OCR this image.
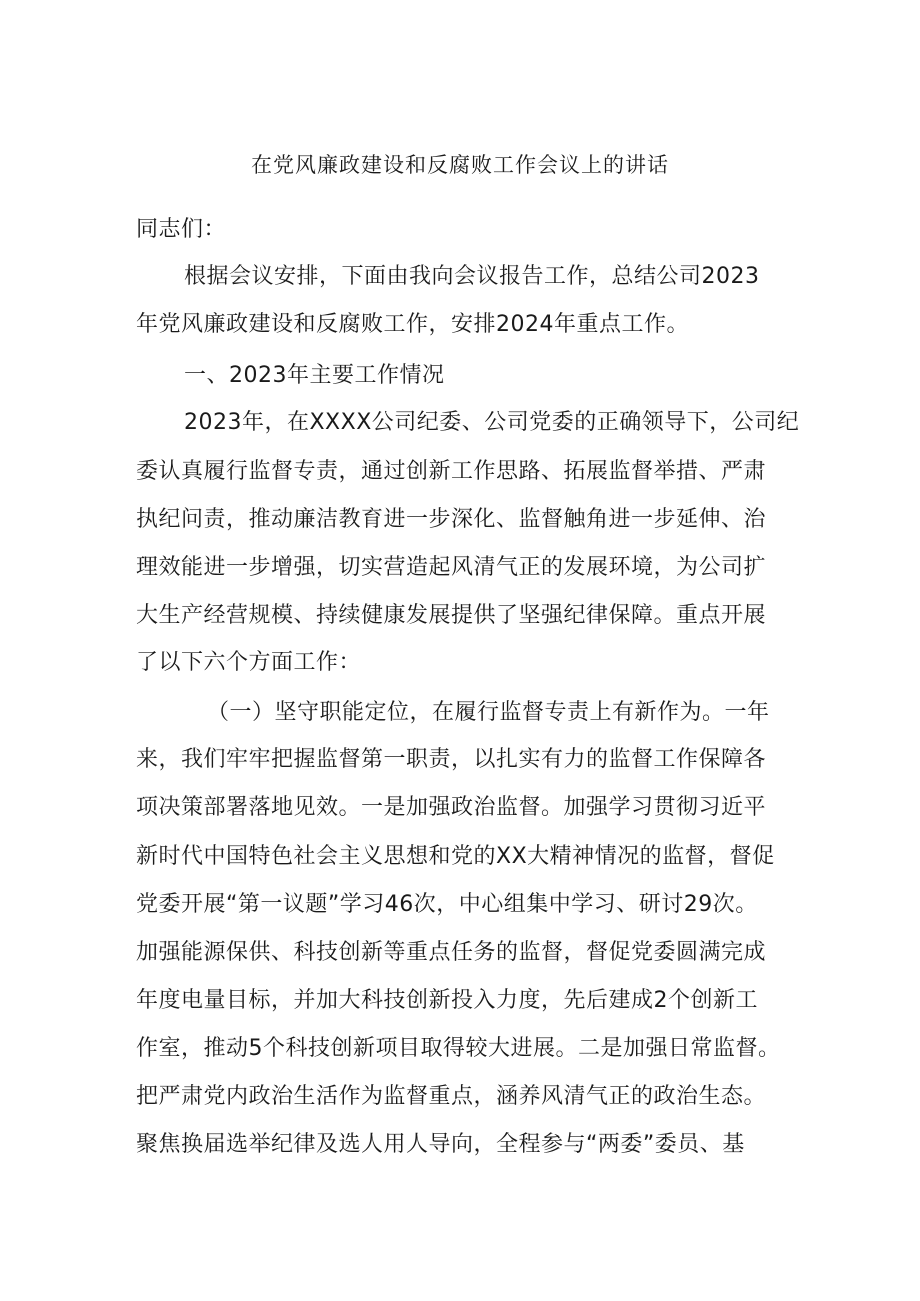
在党风廉政建设和反腐败工作会议上的讲话
同志们：
根据会议安排，下面由我向会议报告工作，总结公司2023
年党风廉政建设和反腐败工作，安排2024年重点工作。
一、2023年主要工作情况
2023年，在XXXX公司纪委、公司党委的正确领导下，公司纪
委认真履行监督专责，通过创新工作思路、拓展监督举措、严肃
执纪问责，推动廉洁教育进一步深化、监督触角进一步延伸、治
理效能进一步增强，切实营造起风清气正的发展环境，为公司扩
大生产经营规模、持续健康发展提供了坚强纪律保障。重点开展
了以下六个方面工作：
（一）坚守职能定位，在履行监督专责上有新作为。一年
来，我们牢牢把握监督第一职责，以扎实有力的监督工作保障各
项决策部署落地见效。一是加强政治监督。加强学习贯彻习近平
新时代中国特色社会主义思想和党的XX大精神情况的监督，督促
党委开展“第一议题”学习46次，中心组集中学习、研讨29次。
加强能源保供、科技创新等重点任务的监督，督促党委圆满完成
年度电量目标，并加大科技创新投入力度，先后建成2个创新工
作室，推动5个科技创新项目取得较大进展。二是加强日常监督。
把严肃党内政治生活作为监督重点，涵养风清气正的政治生态。
聚焦换届选举纪律及选人用人导向，全程参与“两委”委员、基
